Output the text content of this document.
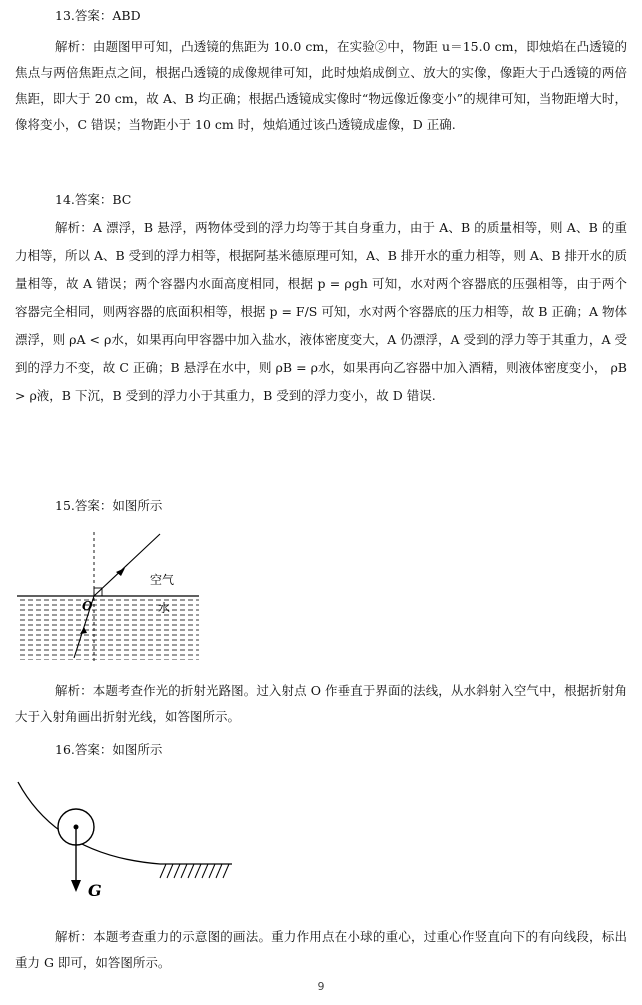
13.答案：ABD
解析：由题图甲可知，凸透镜的焦距为 10.0 cm，在实验②中，物距 u＝15.0 cm，即烛焰在凸透镜的焦点与两倍焦距点之间，根据凸透镜的成像规律可知，此时烛焰成倒立、放大的实像，像距大于凸透镜的两倍焦距，即大于 20 cm，故 A、B 均正确；根据凸透镜成实像时“物远像近像变小”的规律可知，当物距增大时，像将变小，C 错误；当物距小于 10 cm 时，烛焰通过该凸透镜成虚像，D 正确.
14.答案：BC
解析：A 漂浮，B 悬浮，两物体受到的浮力均等于其自身重力，由于 A、B 的质量相等，则 A、B 的重力相等，所以 A、B 受到的浮力相等，根据阿基米德原理可知，A、B 排开水的重力相等，则 A、B 排开水的质量相等，故 A 错误；两个容器内水面高度相同，根据 p = ρgh 可知，水对两个容器底的压强相等，由于两个容器完全相同，则两容器的底面积相等，根据 p = F/S 可知，水对两个容器底的压力相等，故 B 正确；A 物体漂浮，则 ρA < ρ水，如果再向甲容器中加入盐水，液体密度变大，A 仍漂浮，A 受到的浮力等于其重力，A 受到的浮力不变，故 C 正确；B 悬浮在水中，则 ρB = ρ水，如果再向乙容器中加入酒精，则液体密度变小， ρB > ρ液，B 下沉，B 受到的浮力小于其重力，B 受到的浮力变小，故 D 错误.
15.答案：如图所示
空气
水
O
解析：本题考查作光的折射光路图。过入射点 O 作垂直于界面的法线，从水斜射入空气中，根据折射角大于入射角画出折射光线，如答图所示。
16.答案：如图所示
G
解析：本题考查重力的示意图的画法。重力作用点在小球的重心，过重心作竖直向下的有向线段，标出重力 G 即可，如答图所示。
9
